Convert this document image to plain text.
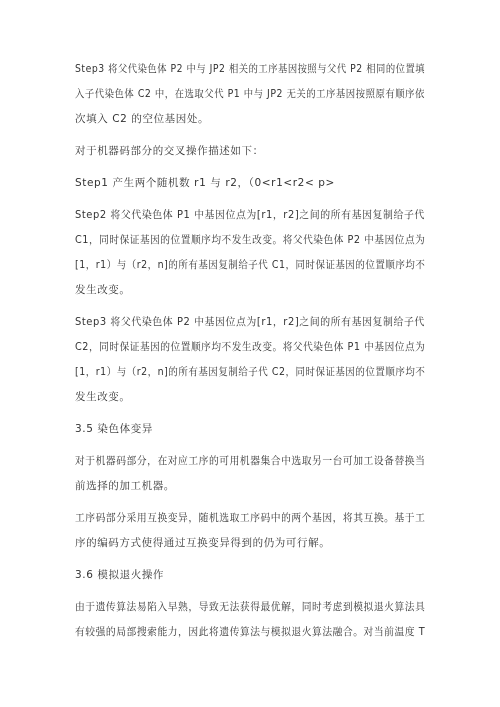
Step3 将父代染色体 P2 中与 JP2 相关的工序基因按照与父代 P2 相同的位置填
入子代染色体 C2 中，在选取父代 P1 中与 JP2 无关的工序基因按照原有顺序依
次填入 C2 的空位基因处。
对于机器码部分的交叉操作描述如下：
Step1 产生两个随机数 r1 与 r2，（0<r1<r2< p>
Step2 将父代染色体 P1 中基因位点为[r1，r2]之间的所有基因复制给子代
C1，同时保证基因的位置顺序均不发生改变。将父代染色体 P2 中基因位点为
[1，r1）与（r2，n]的所有基因复制给子代 C1，同时保证基因的位置顺序均不
发生改变。
Step3 将父代染色体 P2 中基因位点为[r1，r2]之间的所有基因复制给子代
C2，同时保证基因的位置顺序均不发生改变。将父代染色体 P1 中基因位点为
[1，r1）与（r2，n]的所有基因复制给子代 C2，同时保证基因的位置顺序均不
发生改变。
3.5 染色体变异
对于机器码部分，在对应工序的可用机器集合中选取另一台可加工设备替换当
前选择的加工机器。
工序码部分采用互换变异，随机选取工序码中的两个基因，将其互换。基于工
序的编码方式使得通过互换变异得到的仍为可行解。
3.6 模拟退火操作
由于遗传算法易陷入早熟，导致无法获得最优解，同时考虑到模拟退火算法具
有较强的局部搜索能力，因此将遗传算法与模拟退火算法融合。对当前温度 T
